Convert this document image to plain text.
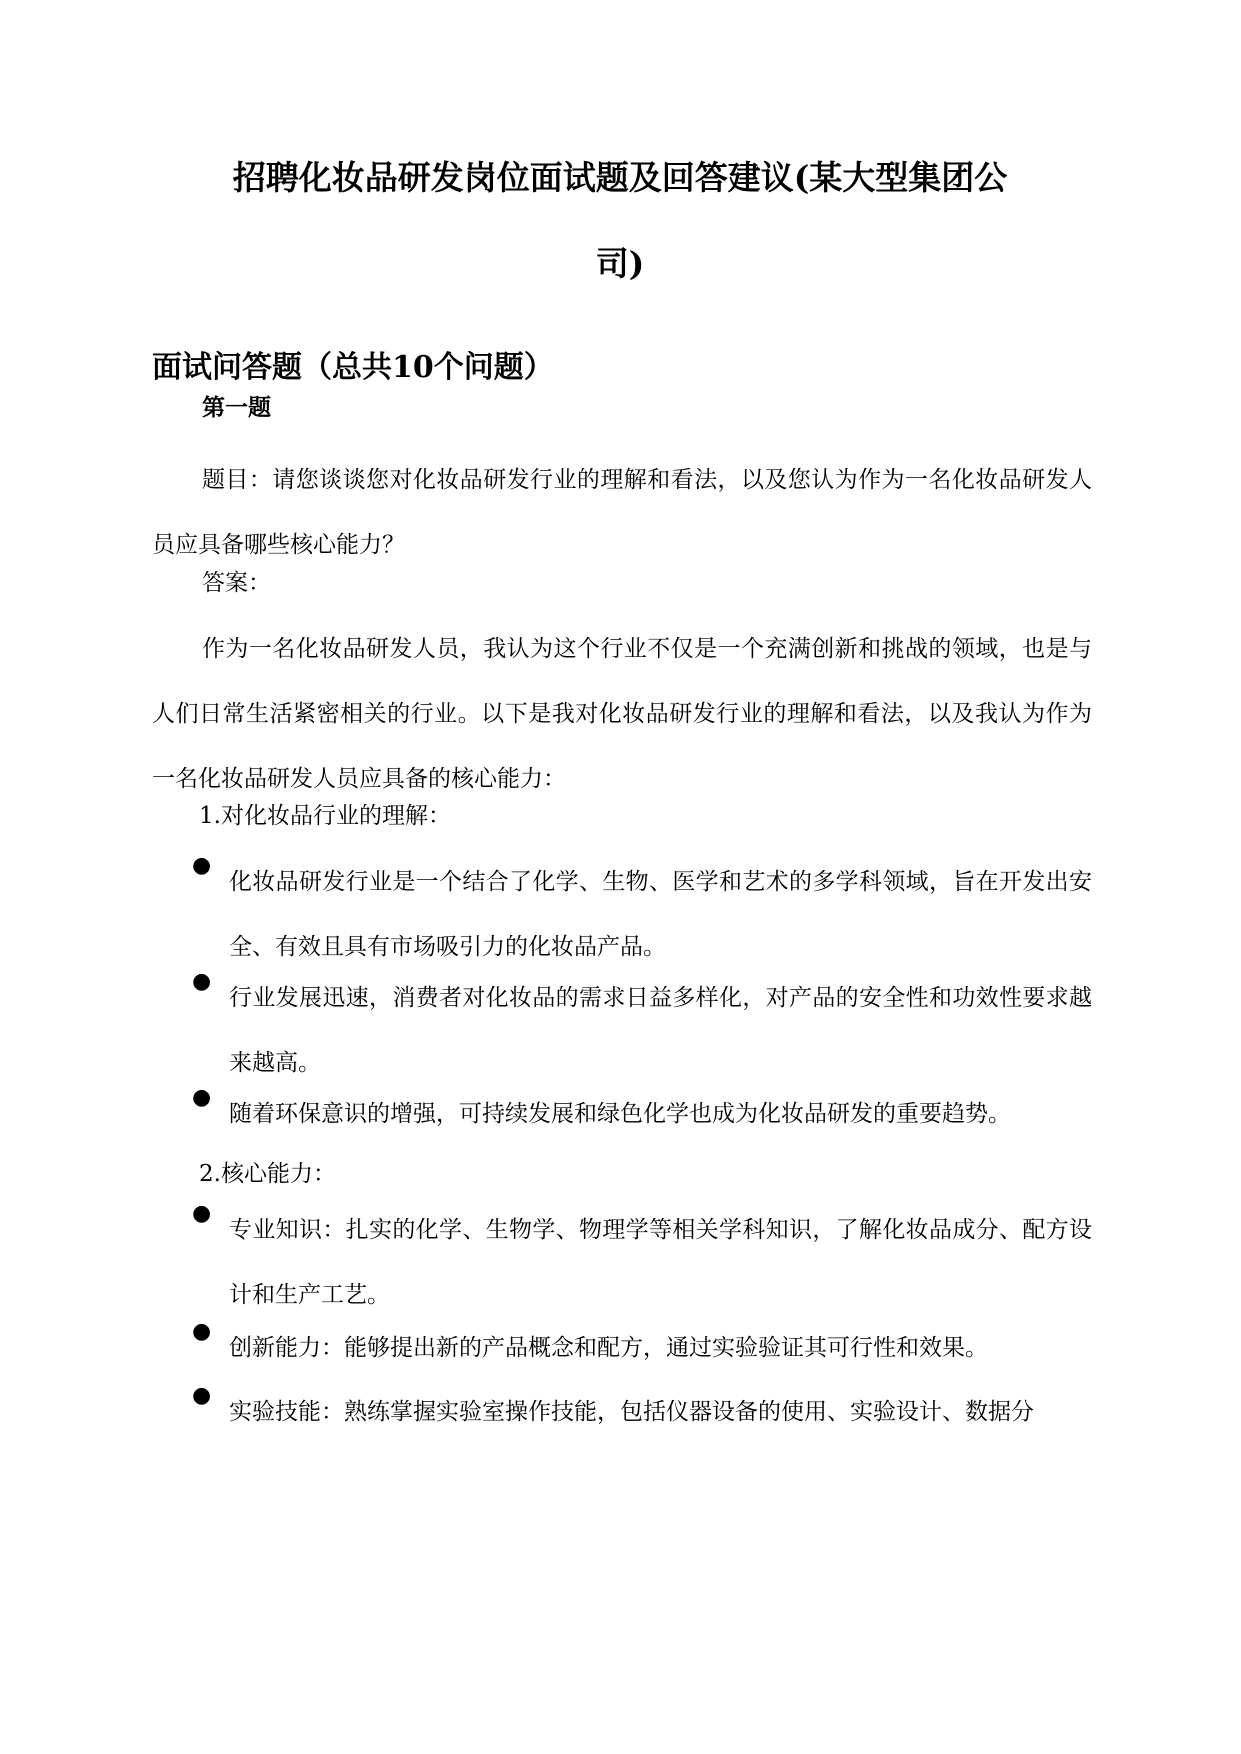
招聘化妆品研发岗位面试题及回答建议(某大型集团公
司)
面试问答题（总共10个问题）

第一题

题目：请您谈谈您对化妆品研发行业的理解和看法，以及您认为作为一名化妆品研发人员应具备哪些核心能力？

答案：

作为一名化妆品研发人员，我认为这个行业不仅是一个充满创新和挑战的领域，也是与人们日常生活紧密相关的行业。以下是我对化妆品研发行业的理解和看法，以及我认为作为一名化妆品研发人员应具备的核心能力：

1.对化妆品行业的理解：

●
化妆品研发行业是一个结合了化学、生物、医学和艺术的多学科领域，旨在开发出安全、有效且具有市场吸引力的化妆品产品。
●
行业发展迅速，消费者对化妆品的需求日益多样化，对产品的安全性和功效性要求越来越高。
●
随着环保意识的增强，可持续发展和绿色化学也成为化妆品研发的重要趋势。

2.核心能力：

●
专业知识：扎实的化学、生物学、物理学等相关学科知识，了解化妆品成分、配方设计和生产工艺。
●
创新能力：能够提出新的产品概念和配方，通过实验验证其可行性和效果。
●
实验技能：熟练掌握实验室操作技能，包括仪器设备的使用、实验设计、数据分
